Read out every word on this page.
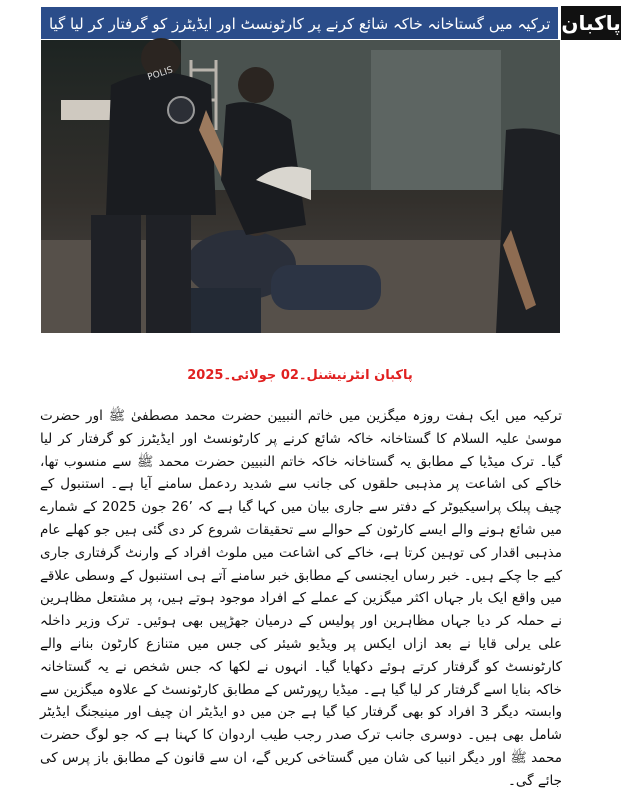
ترکیہ میں گستاخانہ خاکہ شائع کرنے پر کارٹونسٹ اور ایڈیٹرز کو گرفتار کر لیا گیا پاکبان
POLIS
پاکبان انٹرنیشنل۔02 جولائی۔2025
ترکیہ میں ایک ہفت روزہ میگزین میں خاتم النبیین حضرت محمد مصطفیٰ ﷺ اور حضرت موسیٰ علیہ السلام کا گستاخانہ خاکہ شائع کرنے پر کارٹونسٹ اور ایڈیٹرز کو گرفتار کر لیا گیا۔ ترک میڈیا کے مطابق یہ گستاخانہ خاکہ خاتم النبیین حضرت محمد ﷺ سے منسوب تھا، خاکے کی اشاعت پر مذہبی حلقوں کی جانب سے شدید ردعمل سامنے آیا ہے۔ استنبول کے چیف پبلک پراسیکیوٹر کے دفتر سے جاری بیان میں کہا گیا ہے کہ ’26 جون 2025 کے شمارے میں شائع ہونے والے ایسے کارٹون کے حوالے سے تحقیقات شروع کر دی گئی ہیں جو کھلے عام مذہبی اقدار کی توہین کرتا ہے، خاکے کی اشاعت میں ملوث افراد کے وارنٹ گرفتاری جاری کیے جا چکے ہیں۔ خبر رساں ایجنسی کے مطابق خبر سامنے آتے ہی استنبول کے وسطی علاقے میں واقع ایک بار جہاں اکثر میگزین کے عملے کے افراد موجود ہوتے ہیں، پر مشتعل مظاہرین نے حملہ کر دیا جہاں مظاہرین اور پولیس کے درمیان جھڑپیں بھی ہوئیں۔ ترک وزیر داخلہ علی یرلی قایا نے بعد ازاں ایکس پر ویڈیو شیئر کی جس میں متنازع کارٹون بنانے والے کارٹونسٹ کو گرفتار کرتے ہوئے دکھایا گیا۔ انہوں نے لکھا کہ جس شخص نے یہ گستاخانہ خاکہ بنایا اسے گرفتار کر لیا گیا ہے۔ میڈیا رپورٹس کے مطابق کارٹونسٹ کے علاوہ میگزین سے وابستہ دیگر 3 افراد کو بھی گرفتار کیا گیا ہے جن میں دو ایڈیٹر ان چیف اور مینیجنگ ایڈیٹر شامل بھی ہیں۔ دوسری جانب ترک صدر رجب طیب اردوان کا کہنا ہے کہ جو لوگ حضرت محمد ﷺ اور دیگر انبیا کی شان میں گستاخی کریں گے، ان سے قانون کے مطابق باز پرس کی جائے گی۔
